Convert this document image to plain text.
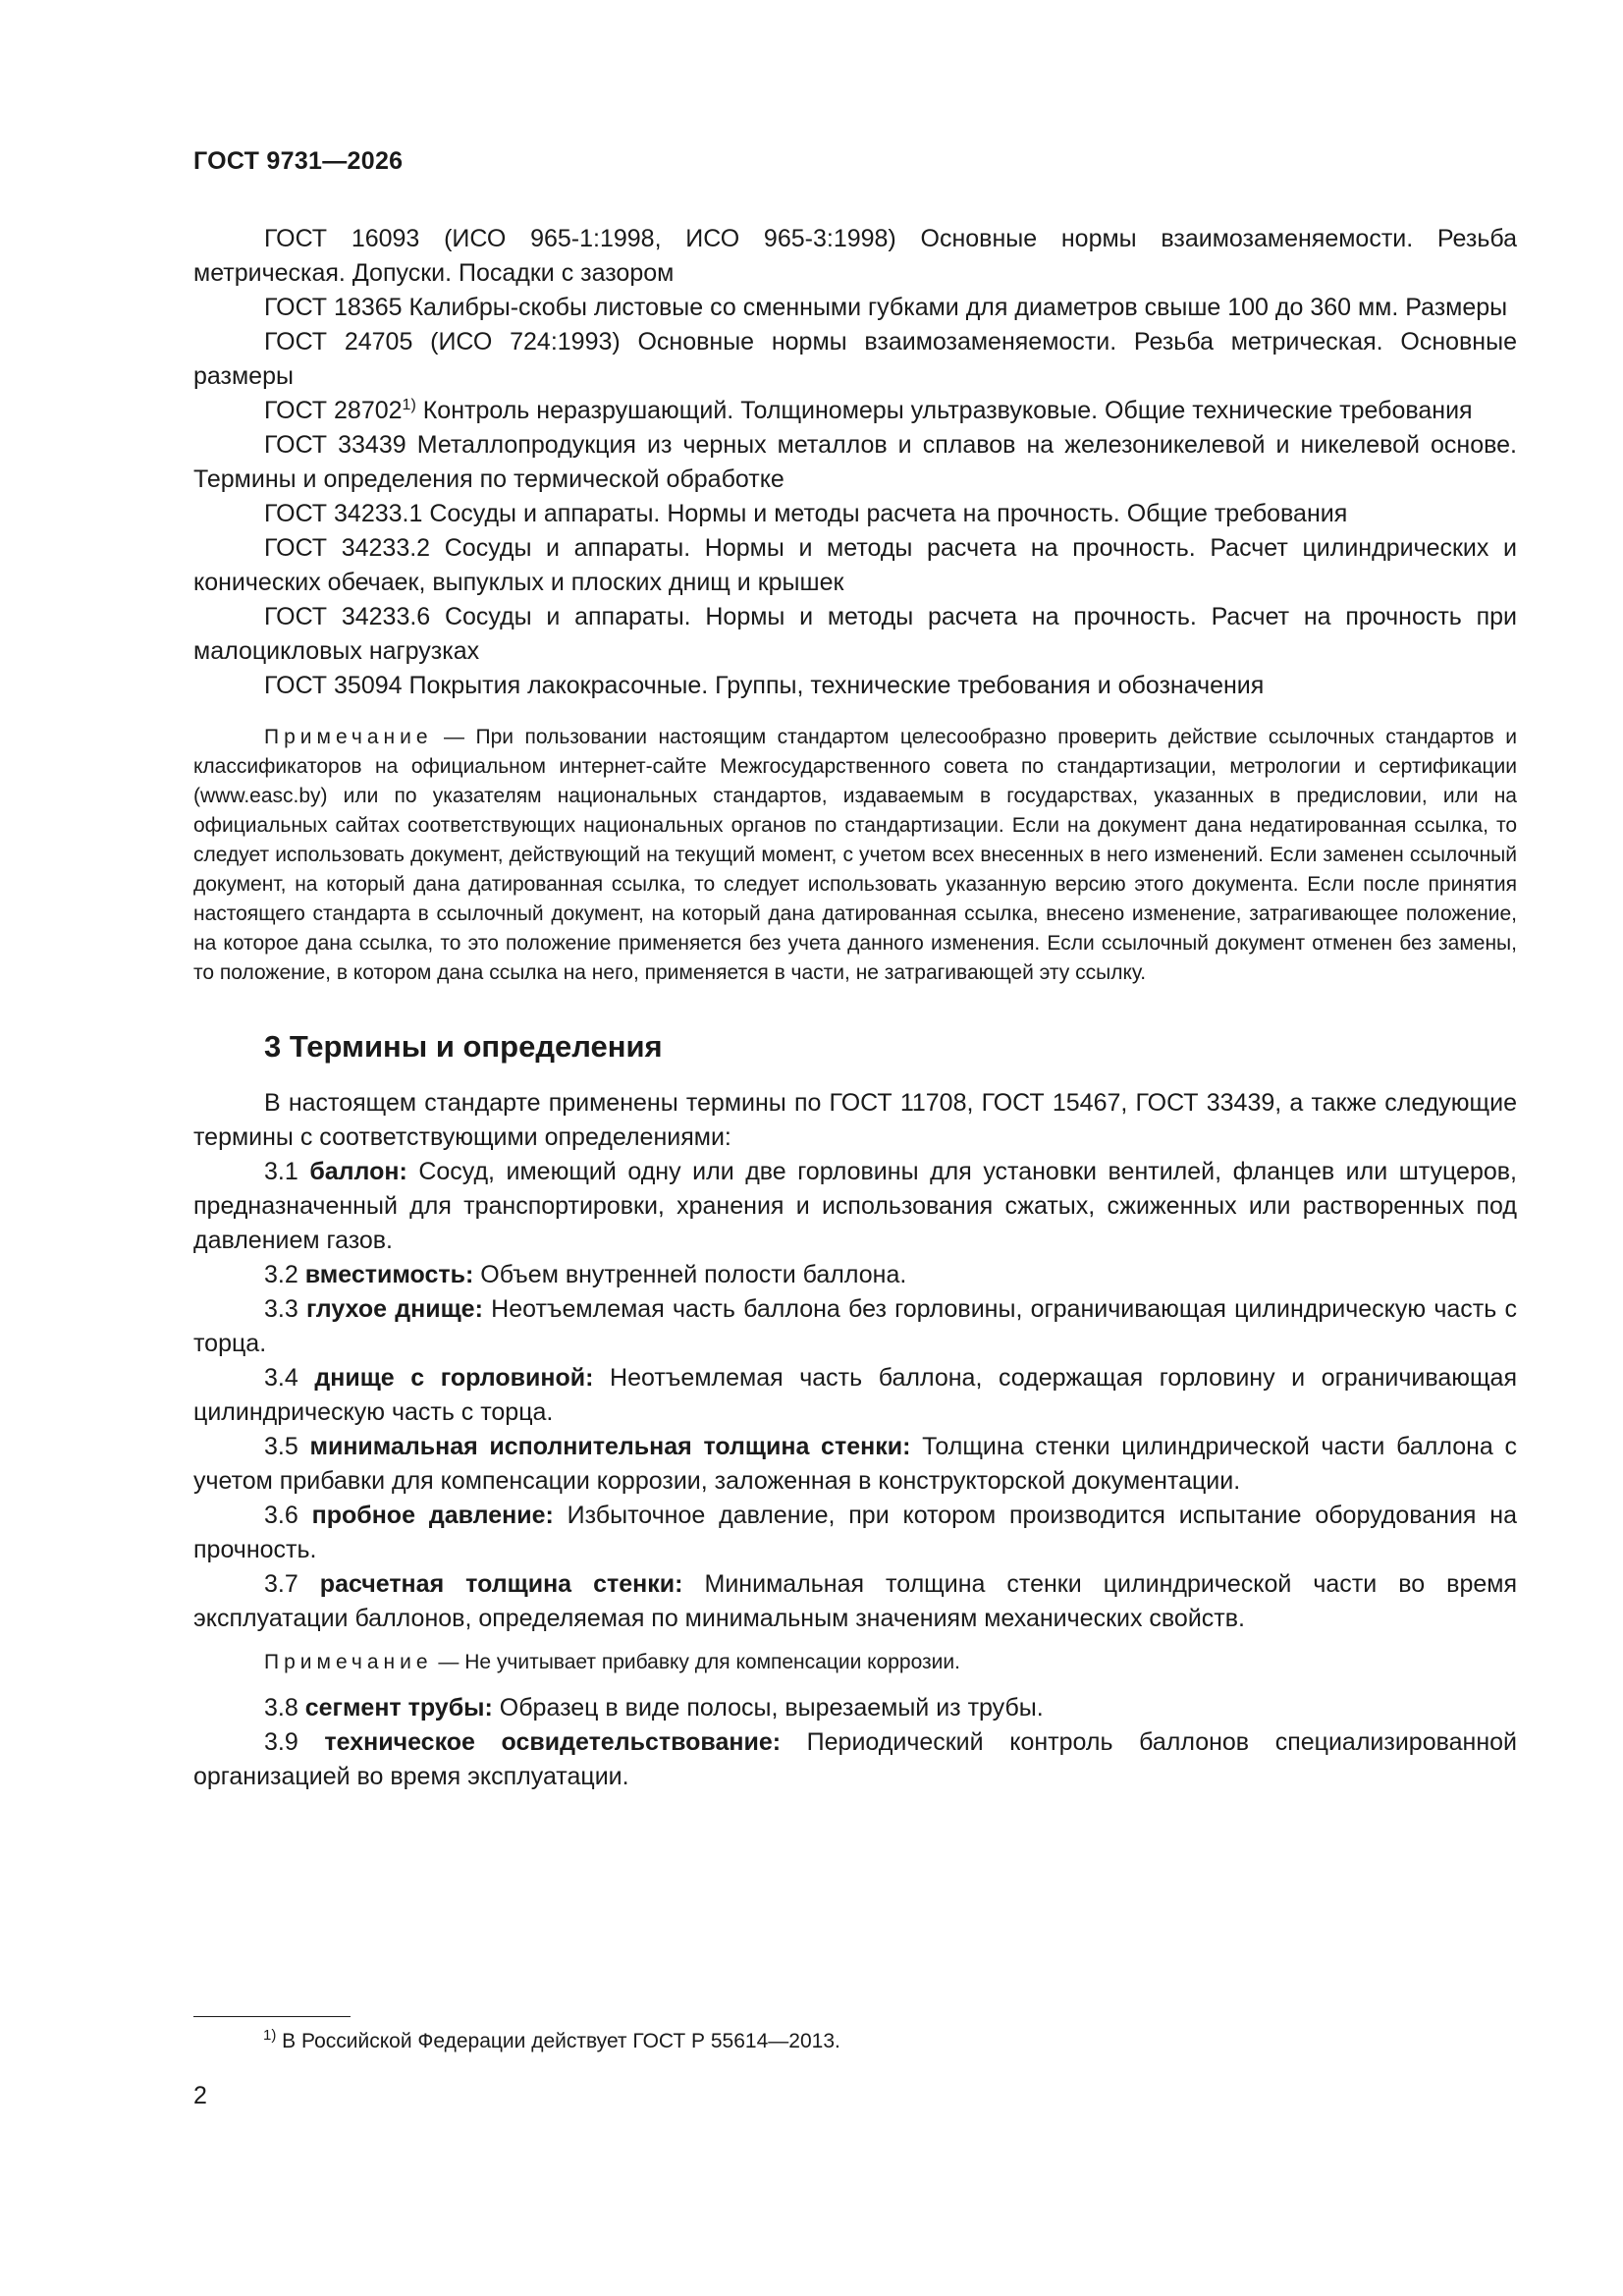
ГОСТ 9731—2026

ГОСТ 16093 (ИСО 965-1:1998, ИСО 965-3:1998) Основные нормы взаимозаменяемости. Резьба метрическая. Допуски. Посадки с зазором

ГОСТ 18365 Калибры-скобы листовые со сменными губками для диаметров свыше 100 до 360 мм. Размеры

ГОСТ 24705 (ИСО 724:1993) Основные нормы взаимозаменяемости. Резьба метрическая. Основные размеры

ГОСТ 28702$^{1)}$ Контроль неразрушающий. Толщиномеры ультразвуковые. Общие технические требования

ГОСТ 33439 Металлопродукция из черных металлов и сплавов на железоникелевой и никелевой основе. Термины и определения по термической обработке

ГОСТ 34233.1 Сосуды и аппараты. Нормы и методы расчета на прочность. Общие требования

ГОСТ 34233.2 Сосуды и аппараты. Нормы и методы расчета на прочность. Расчет цилиндрических и конических обечаек, выпуклых и плоских днищ и крышек

ГОСТ 34233.6 Сосуды и аппараты. Нормы и методы расчета на прочность. Расчет на прочность при малоцикловых нагрузках

ГОСТ 35094 Покрытия лакокрасочные. Группы, технические требования и обозначения

Примечание — При пользовании настоящим стандартом целесообразно проверить действие ссылочных стандартов и классификаторов на официальном интернет-сайте Межгосударственного совета по стандартизации, метрологии и сертификации (www.easc.by) или по указателям национальных стандартов, издаваемым в государствах, указанных в предисловии, или на официальных сайтах соответствующих национальных органов по стандартизации. Если на документ дана недатированная ссылка, то следует использовать документ, действующий на текущий момент, с учетом всех внесенных в него изменений. Если заменен ссылочный документ, на который дана датированная ссылка, то следует использовать указанную версию этого документа. Если после принятия настоящего стандарта в ссылочный документ, на который дана датированная ссылка, внесено изменение, затрагивающее положение, на которое дана ссылка, то это положение применяется без учета данного изменения. Если ссылочный документ отменен без замены, то положение, в котором дана ссылка на него, применяется в части, не затрагивающей эту ссылку.

3 Термины и определения

В настоящем стандарте применены термины по ГОСТ 11708, ГОСТ 15467, ГОСТ 33439, а также следующие термины с соответствующими определениями:

3.1 баллон: Сосуд, имеющий одну или две горловины для установки вентилей, фланцев или штуцеров, предназначенный для транспортировки, хранения и использования сжатых, сжиженных или растворенных под давлением газов.

3.2 вместимость: Объем внутренней полости баллона.

3.3 глухое днище: Неотъемлемая часть баллона без горловины, ограничивающая цилиндрическую часть с торца.

3.4 днище с горловиной: Неотъемлемая часть баллона, содержащая горловину и ограничивающая цилиндрическую часть с торца.

3.5 минимальная исполнительная толщина стенки: Толщина стенки цилиндрической части баллона с учетом прибавки для компенсации коррозии, заложенная в конструкторской документации.

3.6 пробное давление: Избыточное давление, при котором производится испытание оборудования на прочность.

3.7 расчетная толщина стенки: Минимальная толщина стенки цилиндрической части во время эксплуатации баллонов, определяемая по минимальным значениям механических свойств.

Примечание — Не учитывает прибавку для компенсации коррозии.

3.8 сегмент трубы: Образец в виде полосы, вырезаемый из трубы.

3.9 техническое освидетельствование: Периодический контроль баллонов специализированной организацией во время эксплуатации.

$^{1)}$ В Российской Федерации действует ГОСТ Р 55614—2013.
2
